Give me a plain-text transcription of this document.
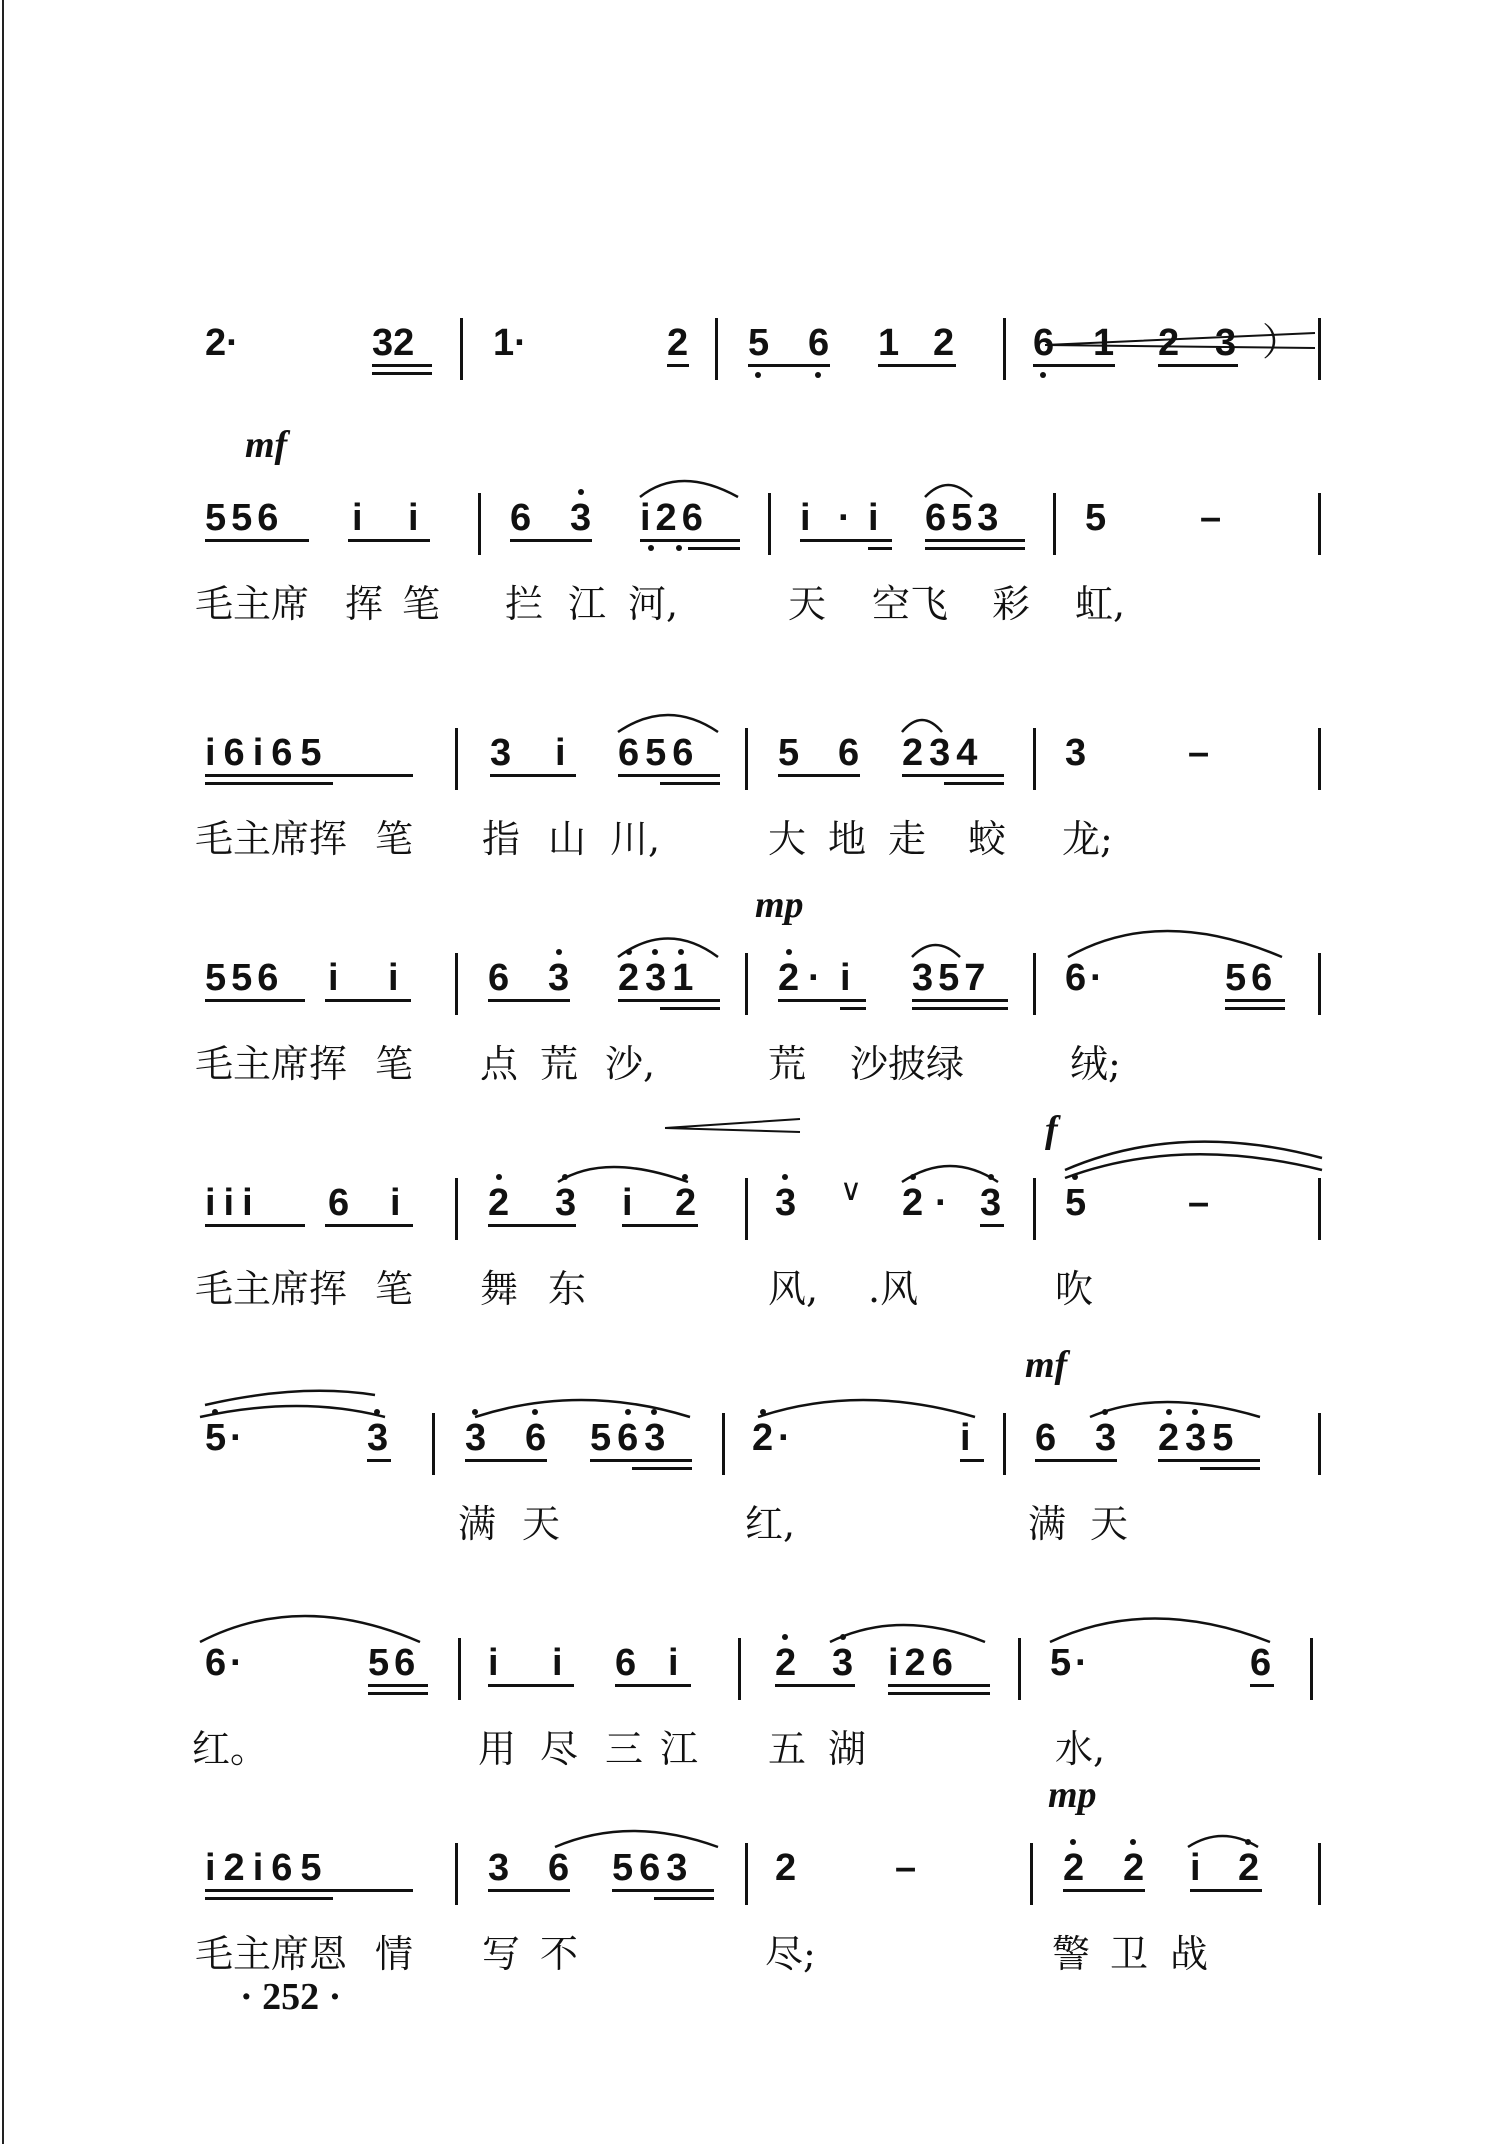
2·	32 1·	2 5 6 1 2 6 1 2 3 ）
mf
556 i i 6 3 i26 i · i 653 5 –
毛主席 挥 笔 拦 江 河,	天 空飞 彩 虹,
i6i65	3 i 656 5 6 234 3	–
毛主席挥 笔 指 山 川,	大 地 走 蛟 龙;
mp
556 i i 6 3 231 2 · i 357 6 ·	56
毛主席挥 笔 点 荒 沙,	荒 沙披绿	绒;
f
iii 6 i 2 3 i 2 3 ∨ 2 · 3 5	–
毛主席挥 笔 舞 东	风, .风	吹
mf
5 ·	3 3 6 563 2 ·	i 6 3 235
满 天	红,	满 天
6 ·	56 i i 6 i	2 3 i26 5 ·	6
红。	用 尽 三 江 五 湖	水,
mp
i2i65	3 6 563 2	–	2 2 i 2
毛主席恩 情 写 不	尽;	警 卫 战
· 252 ·
